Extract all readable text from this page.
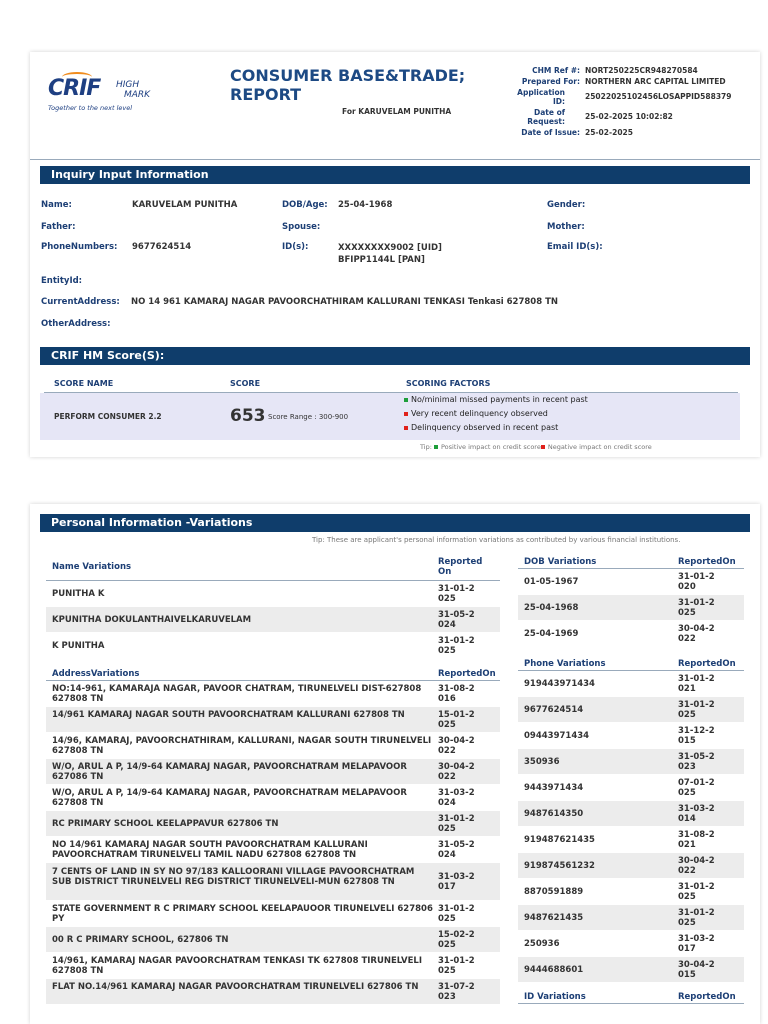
CRIF HIGH
MARK
Together to the next level
CONSUMER BASE&TRADE;
REPORT
For KARUVELAM PUNITHA
CHM Ref #: NORT250225CR948270584
Prepared For: NORTHERN ARC CAPITAL LIMITED
Application ID:
25022025102456LOSAPPID588379
Date of Request:
25-02-2025 10:02:82
Date of Issue: 25-02-2025
Inquiry Input Information
Name:	KARUVELAM PUNITHA	DOB/Age: 25-04-1968	Gender:
Father:	Spouse:	Mother:
PhoneNumbers: 9677624514	ID(s):	XXXXXXXX9002 [UID]
BFIPP1144L [PAN]
Email ID(s):
EntityId:
CurrentAddress: NO 14 961 KAMARAJ NAGAR PAVOORCHATHIRAM KALLURANI TENKASI Tenkasi 627808 TN
OtherAddress:
CRIF HM Score(S):
SCORE NAME	SCORE	SCORING FACTORS
PERFORM CONSUMER 2.2	653 Score Range : 300-900
No/minimal missed payments in recent past
Very recent delinquency observed
Delinquency observed in recent past
Tip: Positive impact on credit score Negative impact on credit score
Personal Information -Variations
Tip: These are applicant's personal information variations as contributed by various financial institutions.
Name Variations	Reported On
PUNITHA K	31-01-2025
KPUNITHA DOKULANTHAIVELKARUVELAM	31-05-2024
K PUNITHA	31-01-2025
AddressVariations	ReportedOn
NO:14-961, KAMARAJA NAGAR, PAVOOR CHATRAM, TIRUNELVELI DIST-627808 627808 TN
31-08-2016
14/961 KAMARAJ NAGAR SOUTH PAVOORCHATRAM KALLURANI 627808 TN	15-01-2025
14/96, KAMARAJ, PAVOORCHATHIRAM, KALLURANI, NAGAR SOUTH TIRUNELVELI 627808 TN
30-04-2022
W/O, ARUL A P, 14/9-64 KAMARAJ NAGAR, PAVOORCHATRAM MELAPAVOOR 627086 TN
30-04-2022
W/O, ARUL A P, 14/9-64 KAMARAJ NAGAR, PAVOORCHATRAM MELAPAVOOR 627808 TN
31-03-2024
RC PRIMARY SCHOOL KEELAPPAVUR 627806 TN	31-01-2025
NO 14/961 KAMARAJ NAGAR SOUTH PAVOORCHATRAM KALLURANI PAVOORCHATRAM TIRUNELVELI TAMIL NADU 627808 627808 TN
31-05-2024
7 CENTS OF LAND IN SY NO 97/183 KALLOORANI VILLAGE PAVOORCHATRAM SUB DISTRICT TIRUNELVELI REG DISTRICT TIRUNELVELI-MUN 627808 TN	31-03-2017
STATE GOVERNMENT R C PRIMARY SCHOOL KEELAPAUOOR TIRUNELVELI 627806 PY
31-01-2025
00 R C PRIMARY SCHOOL, 627806 TN	15-02-2025
14/961, KAMARAJ NAGAR PAVOORCHATRAM TENKASI TK 627808 TIRUNELVELI 627808 TN
31-01-2025
FLAT NO.14/961 KAMARAJ NAGAR PAVOORCHATRAM TIRUNELVELI 627806 TN	31-07-2023
DOB Variations	ReportedOn
01-05-1967	31-01-2020
25-04-1968	31-01-2025
25-04-1969	30-04-2022
Phone Variations	ReportedOn
919443971434	31-01-2021
9677624514	31-01-2025
09443971434	31-12-2015
350936	31-05-2023
9443971434	07-01-2025
9487614350	31-03-2014
919487621435	31-08-2021
919874561232	30-04-2022
8870591889	31-01-2025
9487621435	31-01-2025
250936	31-03-2017
9444688601	30-04-2015
ID Variations	ReportedOn
